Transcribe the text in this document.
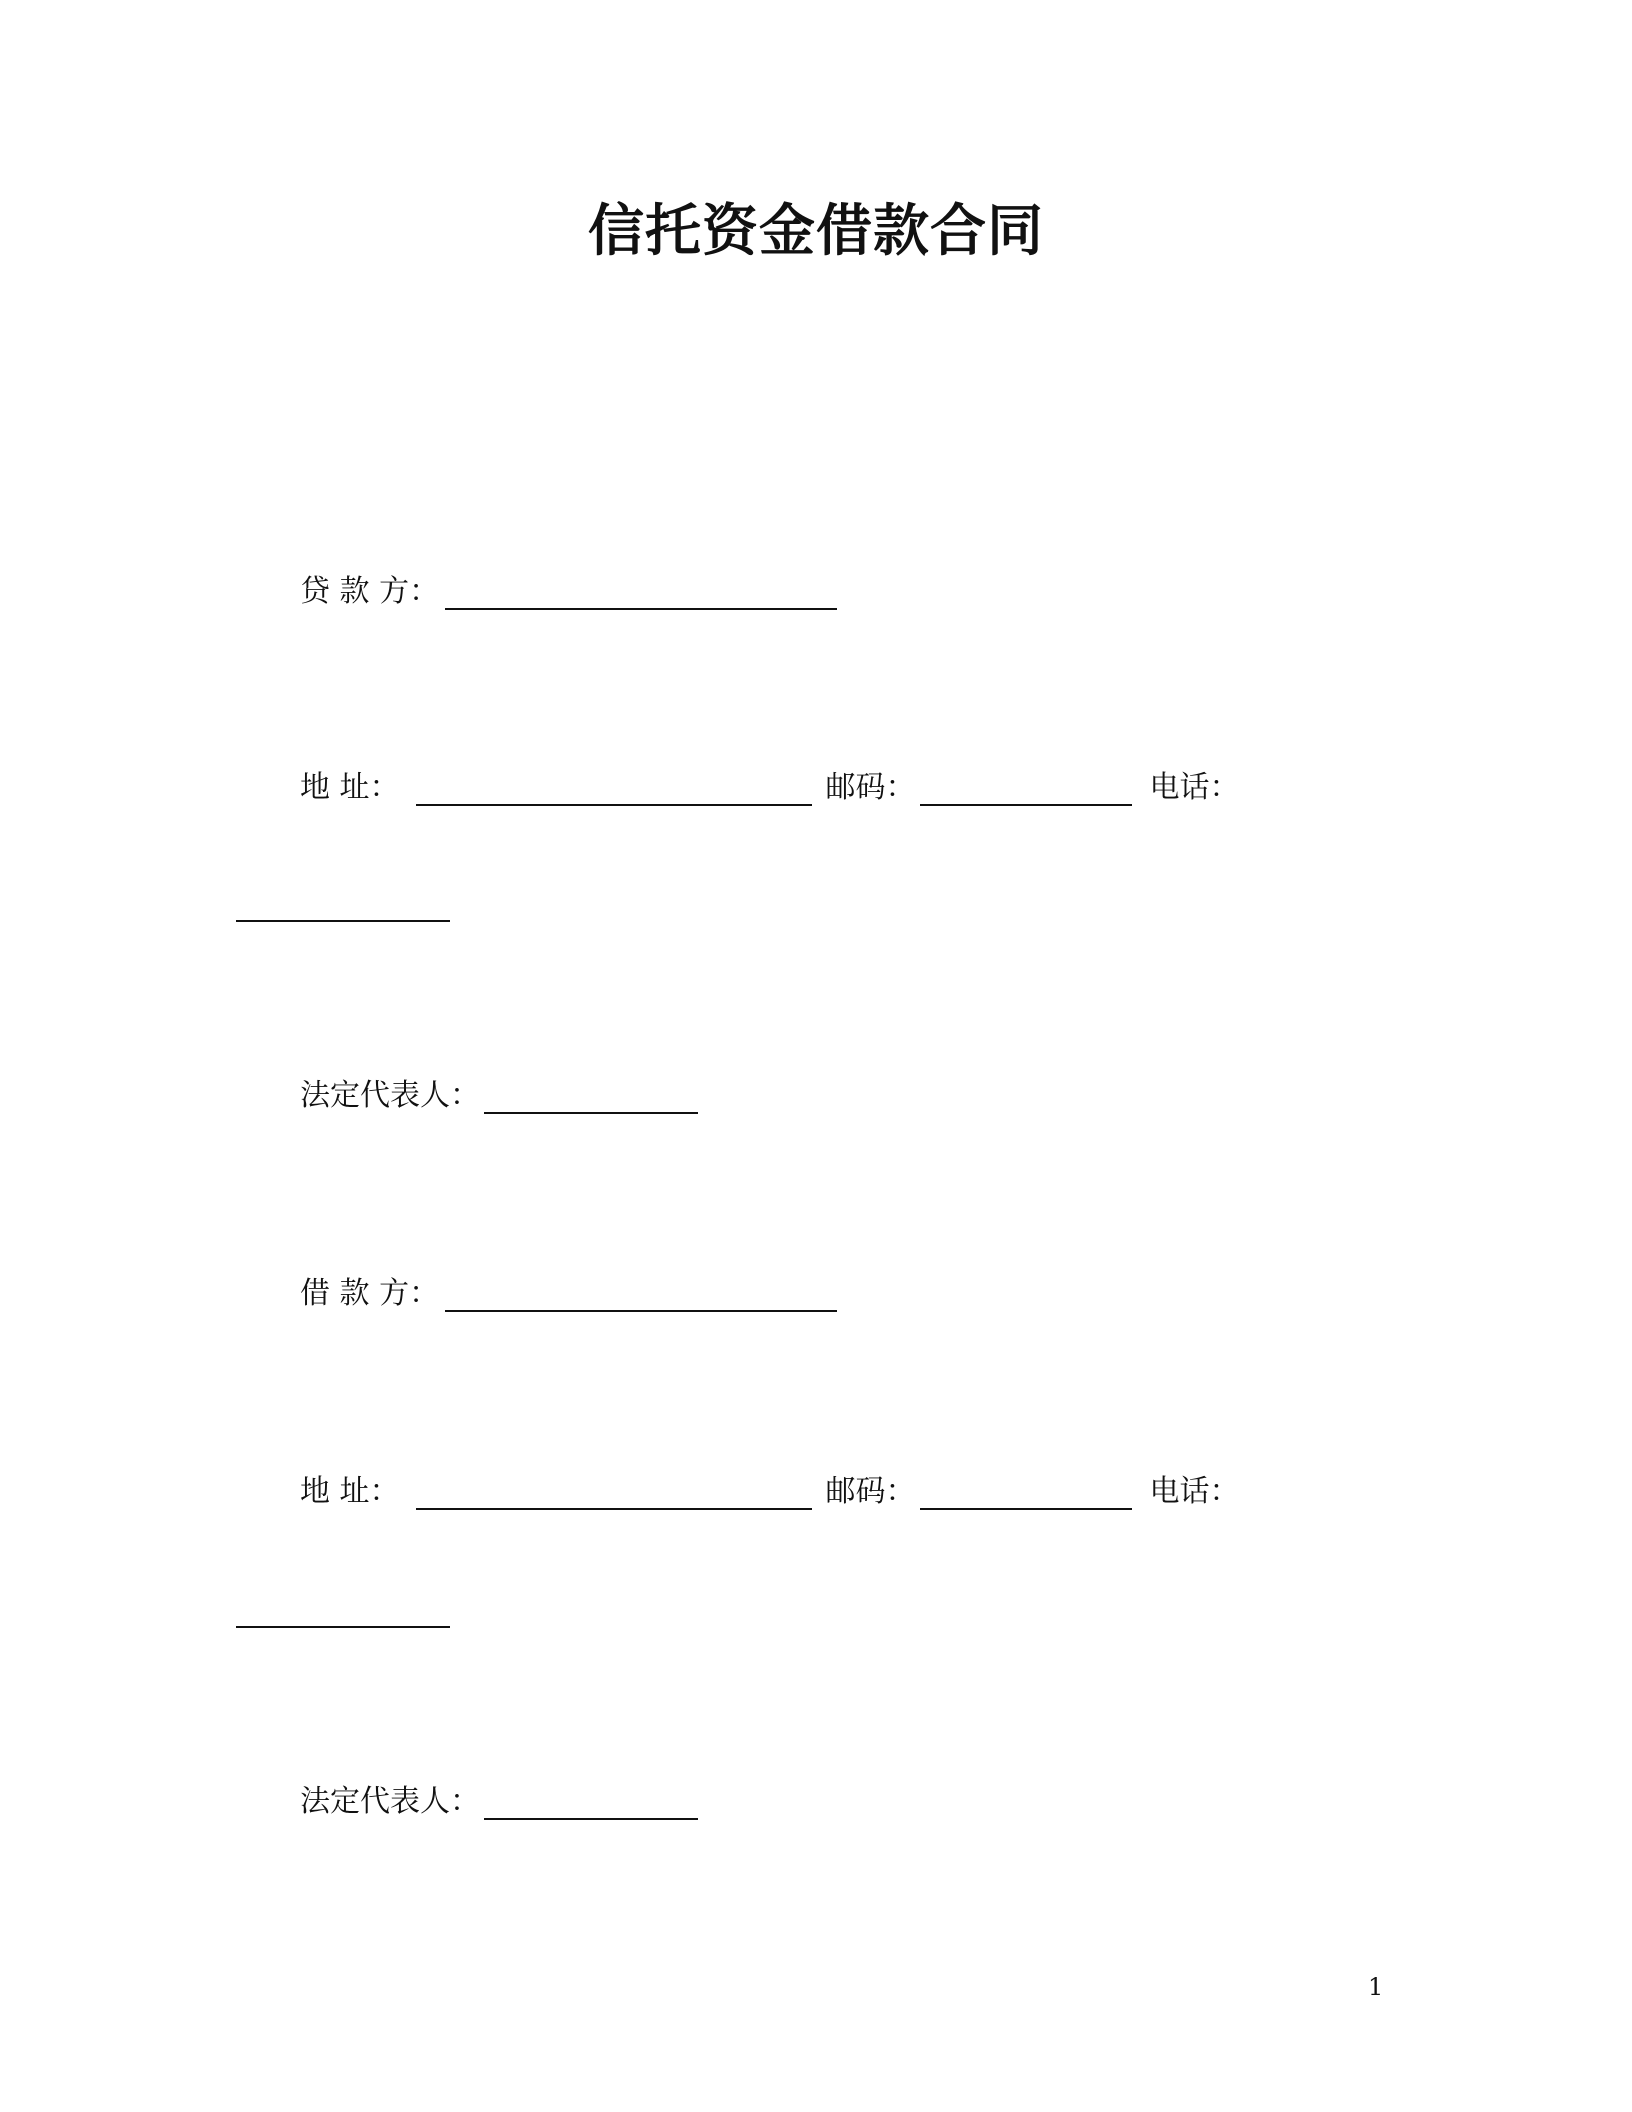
信托资金借款合同
贷 款 方：
地 址：	邮码：	电话：
法定代表人：
借 款 方：
地 址：	邮码：	电话：
法定代表人：
1
